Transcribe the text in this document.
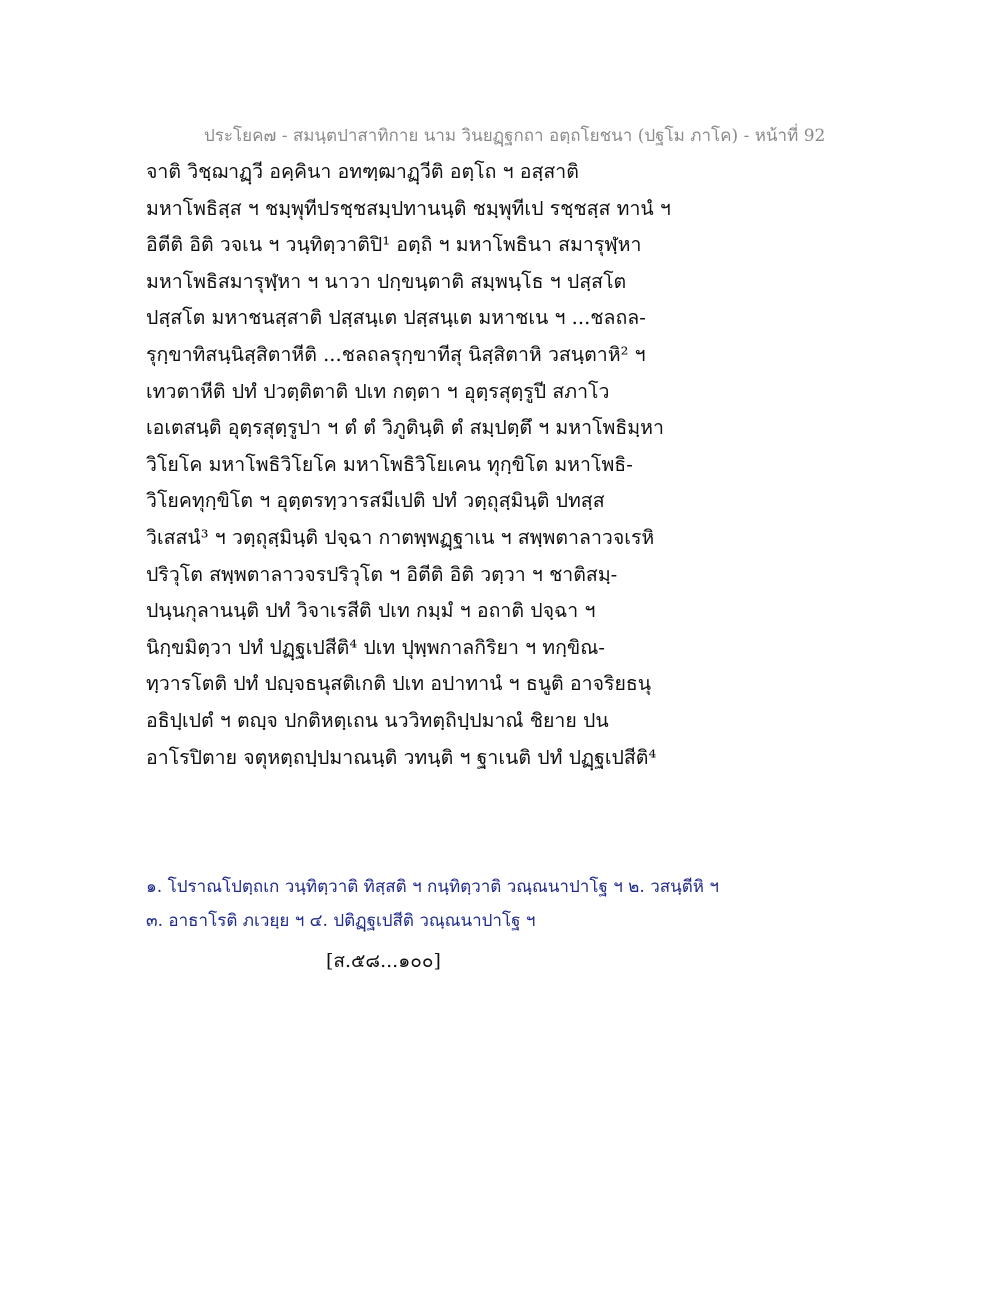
ประโยค๗ - สมนฺตปาสาทิกาย นาม วินยฏฺฐกถา อตฺถโยชนา (ปฐโม ภาโค) - หน้าที่ 92
จาติ วิชฺฌาฏฺวี อคฺคินา อทฑฺฒาฏฺวีติ อตฺโถ ฯ อสฺสาติ
มหาโพธิสฺส ฯ ชมฺพุทีปรชฺชสมฺปทานนฺติ ชมฺพุทีเป รชฺชสฺส ทานํ ฯ
อิตีติ อิติ วจเน ฯ วนฺทิตฺวาติปิ¹ อตฺถิ ฯ มหาโพธินา สมารุฬฺหา
มหาโพธิสมารุฬฺหา ฯ นาวา ปกฺขนฺตาติ สมฺพนฺโธ ฯ ปสฺสโต
ปสฺสโต มหาชนสฺสาติ ปสฺสนฺเต ปสฺสนฺเต มหาชเน ฯ ...ชลถล-
รุกฺขาทิสนฺนิสฺสิตาหีติ ...ชลถลรุกฺขาทีสุ นิสฺสิตาหิ วสนฺตาหิ² ฯ
เทวตาหีติ ปทํ ปวตฺติตาติ ปเท กตฺตา ฯ อุตฺรสุตฺรูปี สภาโว
เอเตสนฺติ อุตฺรสุตฺรูปา ฯ ตํ ตํ วิภูตินฺติ ตํ สมฺปตฺตึ ฯ มหาโพธิมฺหา
วิโยโค มหาโพธิวิโยโค มหาโพธิวิโยเคน ทุกฺขิโต มหาโพธิ-
วิโยคทุกฺขิโต ฯ อุตฺตรทฺวารสมีเปติ ปทํ วตฺถุสฺมินฺติ ปทสฺส
วิเสสนํ³ ฯ วตฺถุสฺมินฺติ ปจฺฉา กาตพฺพฏฺฐาเน ฯ สพฺพตาลาวจเรหิ
ปริวุโต สพฺพตาลาวจรปริวุโต ฯ อิตีติ อิติ วตฺวา ฯ ชาติสมฺ-
ปนฺนกุลานนฺติ ปทํ วิจาเรสีติ ปเท กมฺมํ ฯ อถาติ ปจฺฉา ฯ
นิกฺขมิตฺวา ปทํ ปฏฺฐเปสีติ⁴ ปเท ปุพฺพกาลกิริยา ฯ ทกฺขิณ-
ทฺวารโตติ ปทํ ปญฺจธนุสติเกติ ปเท อปาทานํ ฯ ธนูติ อาจริยธนุ
อธิปฺเปตํ ฯ ตญฺจ ปกติหตฺเถน นววิทตฺถิปฺปมาณํ ชิยาย ปน
อาโรปิตาย จตุหตฺถปฺปมาณนฺติ วทนฺติ ฯ ฐาเนติ ปทํ ปฏฺฐเปสีติ⁴
๑. โปราณโปตฺถเก วนฺทิตฺวาติ ทิสฺสติ ฯ กนฺทิตฺวาติ วณฺณนาปาโฐ ฯ ๒. วสนฺตีหิ ฯ
๓. อาธาโรติ ภเวยฺย ฯ ๔. ปติฏฺฐเปสีติ วณฺณนาปาโฐ ฯ
[ส.๕๘...๑๐๐]
